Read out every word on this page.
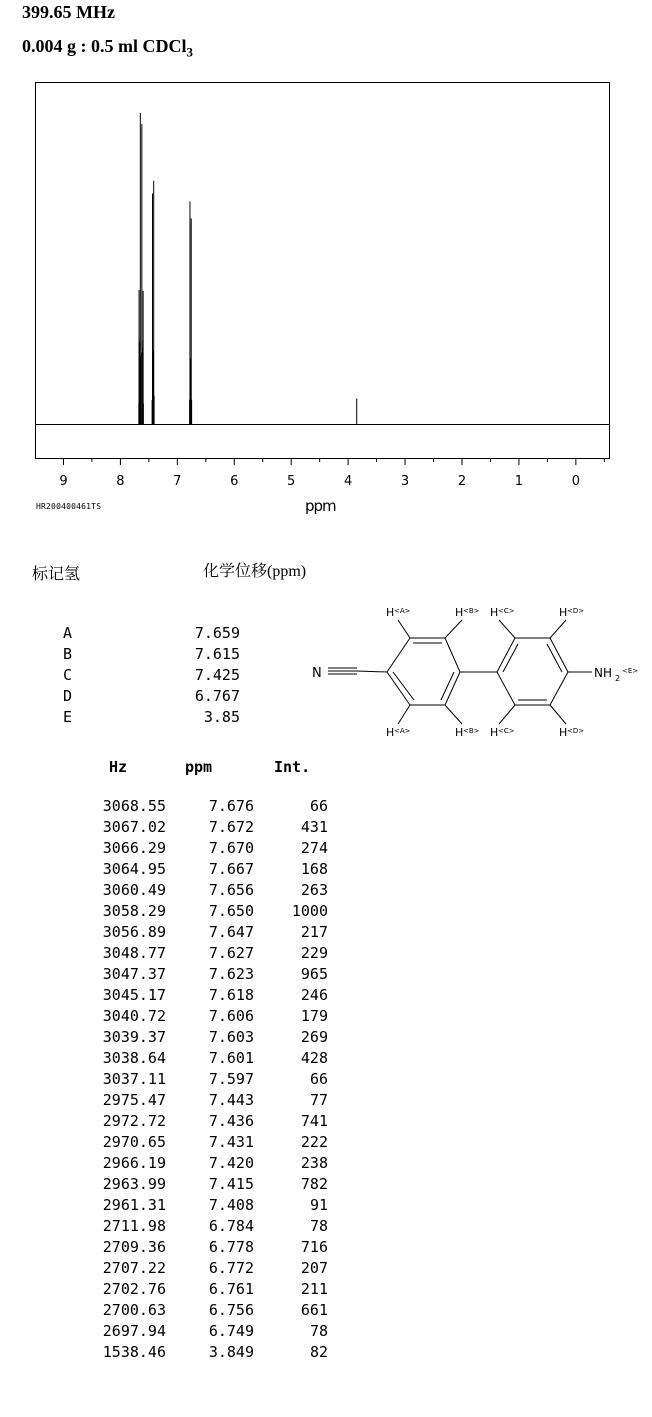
399.65 MHz
0.004 g : 0.5 ml CDCl$_3$
9	8	7	6	5	4	3	2	1	0
HR200400461TS	ppm
标记氢	化学位移(ppm)
A	7.659
B	7.615
C	7.425
D	6.767
E	3.85
N	NH 2
<E>
H <A>	H <B> H <C>	H <D>
H <A>	H <B> H <C>	H <D>
Hz	ppm	Int.
3068.55	7.676	66
3067.02	7.672	431
3066.29	7.670	274
3064.95	7.667	168
3060.49	7.656	263
3058.29	7.650	1000
3056.89	7.647	217
3048.77	7.627	229
3047.37	7.623	965
3045.17	7.618	246
3040.72	7.606	179
3039.37	7.603	269
3038.64	7.601	428
3037.11	7.597	66
2975.47	7.443	77
2972.72	7.436	741
2970.65	7.431	222
2966.19	7.420	238
2963.99	7.415	782
2961.31	7.408	91
2711.98	6.784	78
2709.36	6.778	716
2707.22	6.772	207
2702.76	6.761	211
2700.63	6.756	661
2697.94	6.749	78
1538.46	3.849	82
